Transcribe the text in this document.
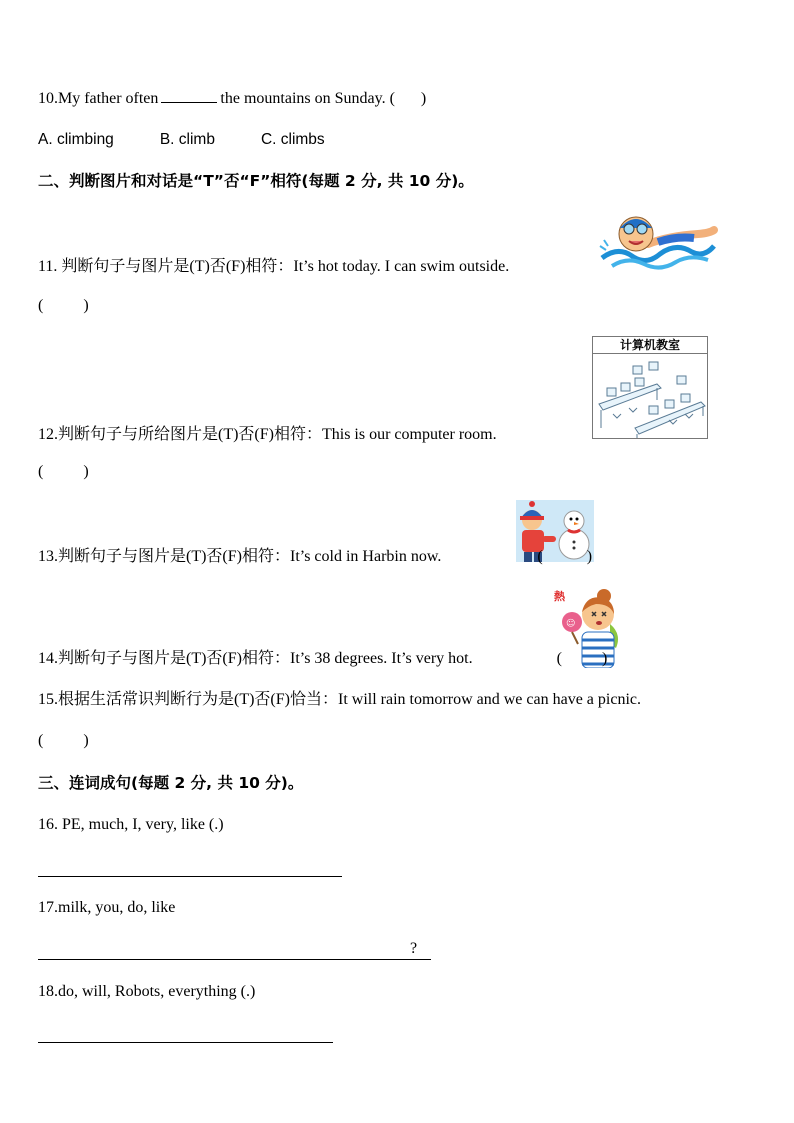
10.My father often	the mountains on Sunday. ( )
A. climbing	B. climb	C. climbs
二、判断图片和对话是“T”否“F”相符(每题 2 分, 共 10 分)。
11. 判断句子与图片是(T)否(F)相符：It’s hot today. I can swim outside.
(          )
计算机教室
12.判断句子与所给图片是(T)否(F)相符：This is our computer room.
(          )
13.判断句子与图片是(T)否(F)相符：It’s cold in Harbin now.	(           )
熱
☺
14.判断句子与图片是(T)否(F)相符：It’s 38 degrees. It’s very hot.	(          )
15.根据生活常识判断行为是(T)否(F)恰当：It will rain tomorrow and we can have a picnic.
(          )
三、连词成句(每题 2 分, 共 10 分)。
16. PE, much, I, very, like (.)
17.milk, you, do, like
?
18.do, will, Robots, everything (.)
